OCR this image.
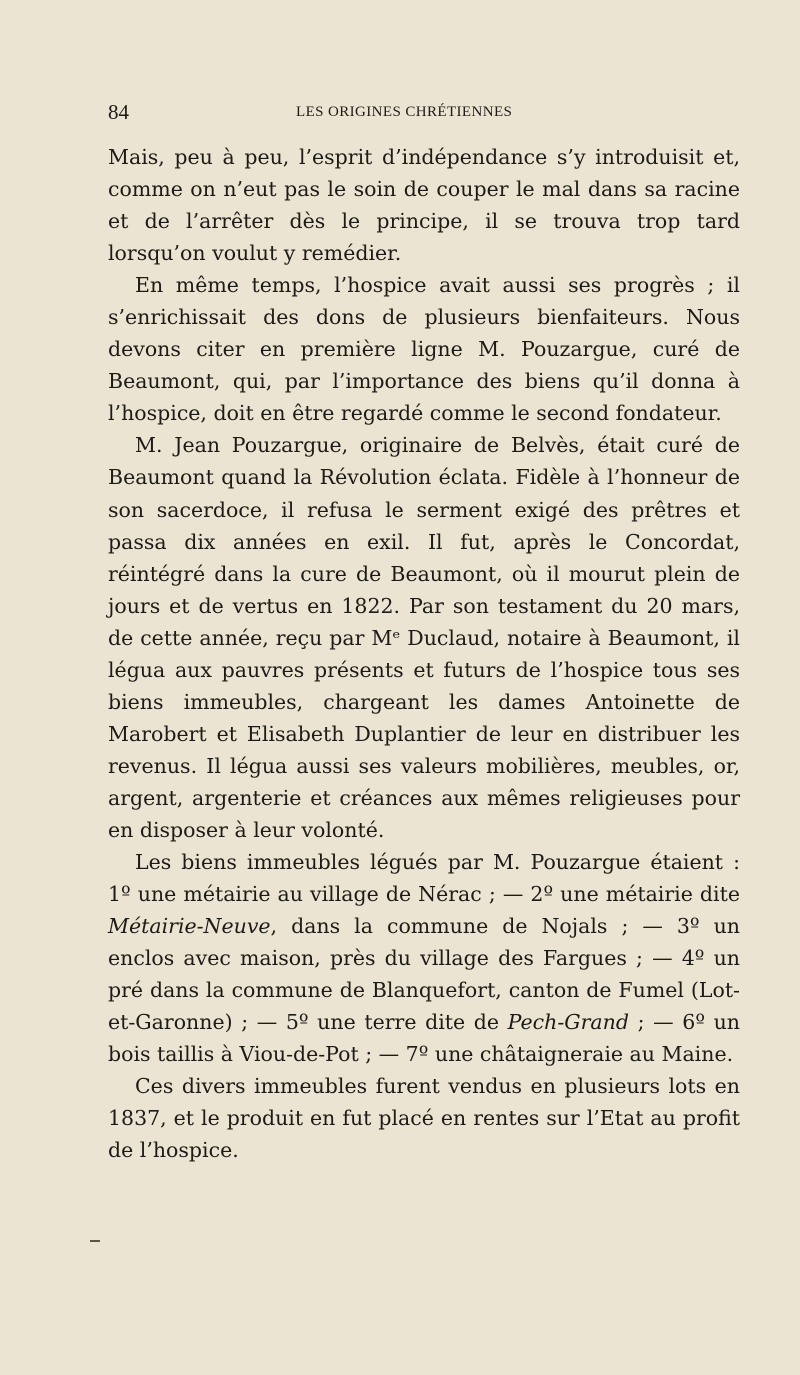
84	LES ORIGINES CHRÉTIENNES

Mais, peu à peu, l’esprit d’indépendance s’y introduisit et, comme on n’eut pas le soin de couper le mal dans sa racine et de l’arrêter dès le principe, il se trouva trop tard lorsqu’on voulut y remédier.

En même temps, l’hospice avait aussi ses progrès ; il s’enrichissait des dons de plusieurs bienfaiteurs. Nous devons citer en première ligne M. Pouzargue, curé de Beaumont, qui, par l’importance des biens qu’il donna à l’hospice, doit en être regardé comme le second fondateur.

M. Jean Pouzargue, originaire de Belvès, était curé de Beaumont quand la Révolution éclata. Fidèle à l’honneur de son sacerdoce, il refusa le serment exigé des prêtres et passa dix années en exil. Il fut, après le Concordat, réintégré dans la cure de Beaumont, où il mourut plein de jours et de vertus en 1822. Par son testament du 20 mars, de cette année, reçu par Mᵉ Duclaud, notaire à Beaumont, il légua aux pauvres présents et futurs de l’hospice tous ses biens immeubles, chargeant les dames Antoinette de Marobert et Elisabeth Duplantier de leur en distribuer les revenus. Il légua aussi ses valeurs mobilières, meubles, or, argent, argenterie et créances aux mêmes religieuses pour en disposer à leur volonté.

Les biens immeubles légués par M. Pouzargue étaient : 1º une métairie au village de Nérac ; — 2º une métairie dite Métairie-Neuve, dans la commune de Nojals ; — 3º un enclos avec maison, près du village des Fargues ; — 4º un pré dans la commune de Blanquefort, canton de Fumel (Lot-et-Garonne) ; — 5º une terre dite de Pech-Grand ; — 6º un bois taillis à Viou-de-Pot ; — 7º une châtaigneraie au Maine.

Ces divers immeubles furent vendus en plusieurs lots en 1837, et le produit en fut placé en rentes sur l’Etat au profit de l’hospice.
